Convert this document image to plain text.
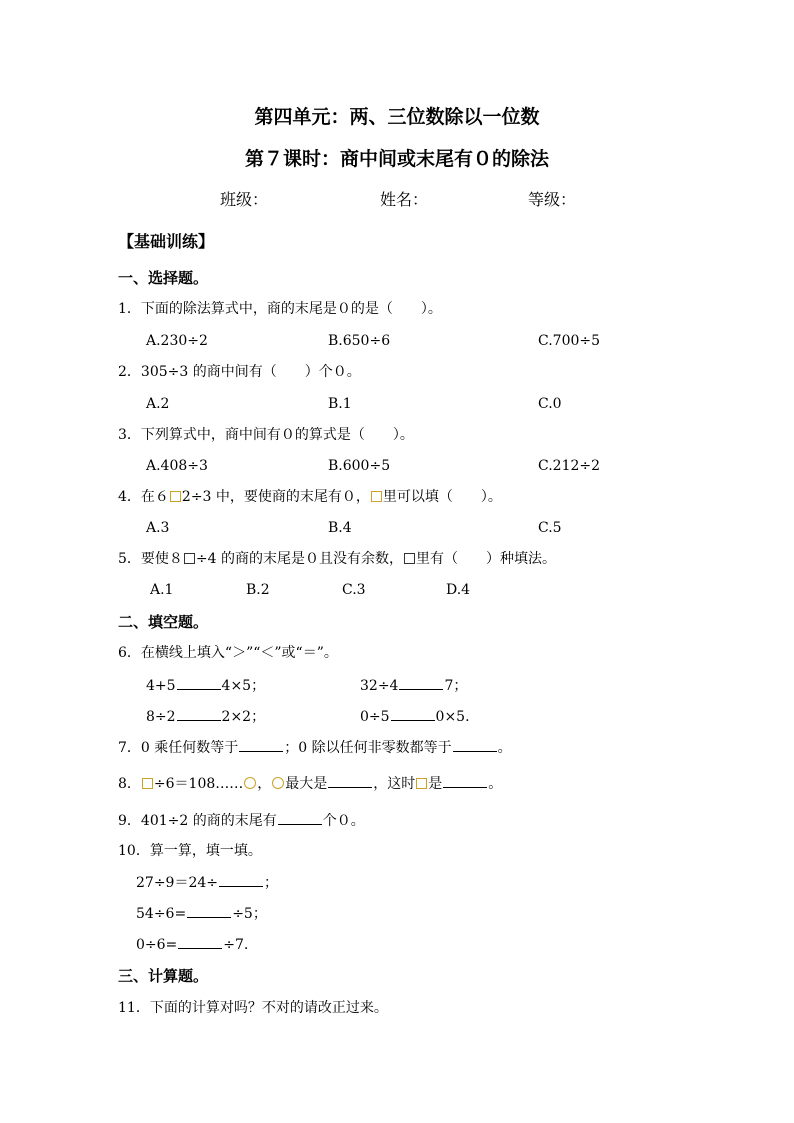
第四单元：两、三位数除以一位数
第７课时：商中间或末尾有０的除法
班级：	姓名：	等级：
【基础训练】
一、选择题。
1．下面的除法算式中，商的末尾是０的是（　　）。
A.230÷2	B.650÷6	C.700÷5
2．305÷3 的商中间有（　　）个０。
A.2	B.1	C.0
3．下列算式中，商中间有０的算式是（　　）。
A.408÷3	B.600÷5	C.212÷2
4．在６ 2÷3 中，要使商的末尾有０， 里可以填（　　）。
A.3	B.4	C.5
5．要使８ ÷4 的商的末尾是０且没有余数， 里有（　　）种填法。
A.1	B.2	C.3	D.4
二、填空题。
6．在横线上填入“＞”“＜”或“＝”。
4+5	4×5；	32÷4	7；
8÷2	2×2；	0÷5	0×5.
7．0 乘任何数等于	；0 除以任何非零数都等于	。
8． ÷6＝108…… ， 最大是	，这时 是	。
9．401÷2 的商的末尾有	个０。
10．算一算，填一填。
27÷9＝24÷	；
54÷6=	÷5；
0÷6=	÷7.
三、计算题。
11．下面的计算对吗？不对的请改正过来。
